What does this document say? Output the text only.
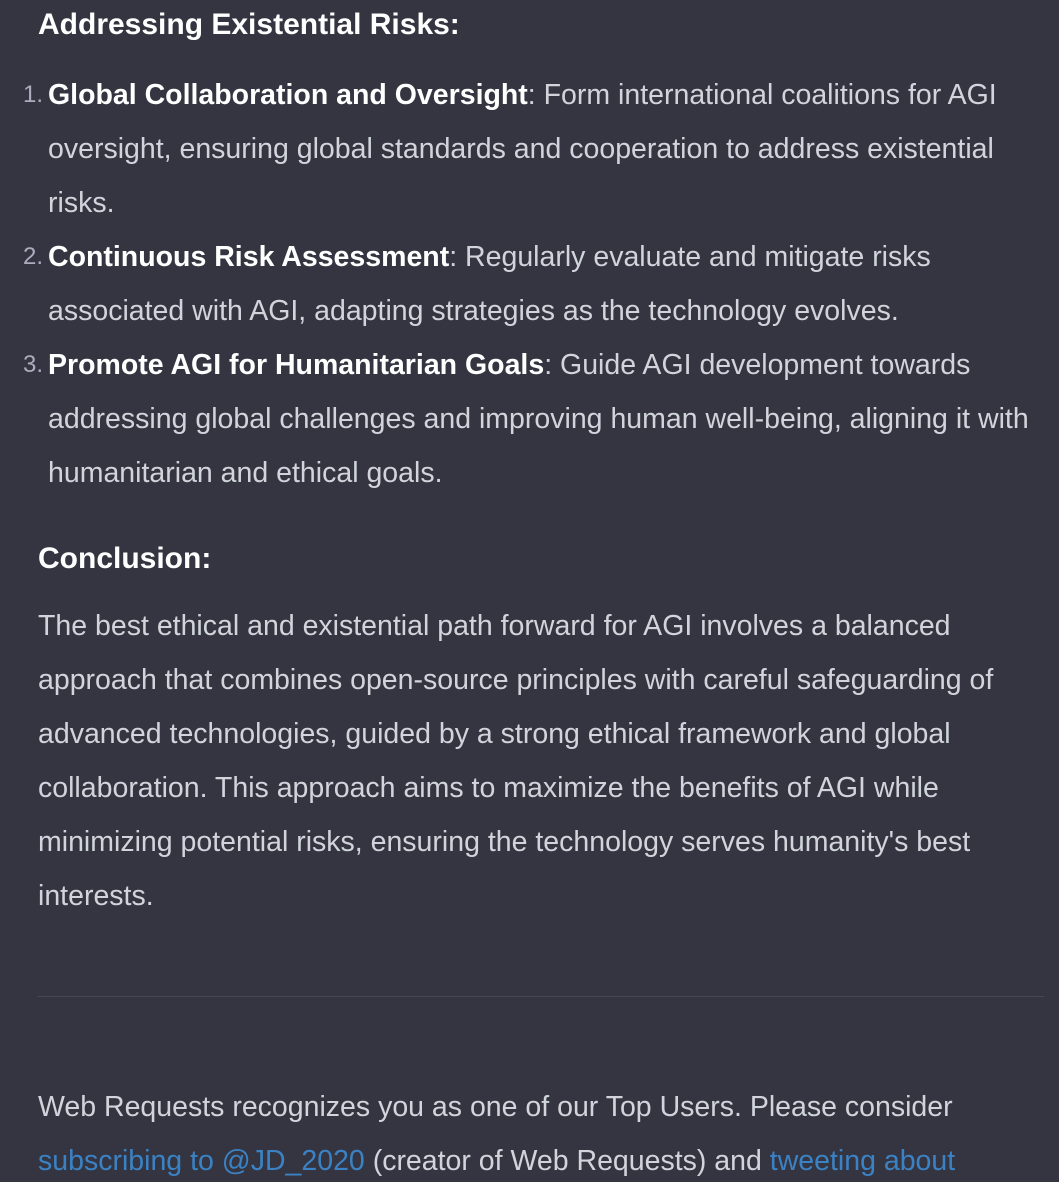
Addressing Existential Risks:
1. Global Collaboration and Oversight: Form international coalitions for AGI oversight, ensuring global standards and cooperation to address existential risks.
2. Continuous Risk Assessment: Regularly evaluate and mitigate risks associated with AGI, adapting strategies as the technology evolves.
3. Promote AGI for Humanitarian Goals: Guide AGI development towards addressing global challenges and improving human well-being, aligning it with humanitarian and ethical goals.
Conclusion:

The best ethical and existential path forward for AGI involves a balanced approach that combines open-source principles with careful safeguarding of advanced technologies, guided by a strong ethical framework and global collaboration. This approach aims to maximize the benefits of AGI while minimizing potential risks, ensuring the technology serves humanity's best interests.

Web Requests recognizes you as one of our Top Users. Please consider subscribing to @JD_2020 (creator of Web Requests) and tweeting about
